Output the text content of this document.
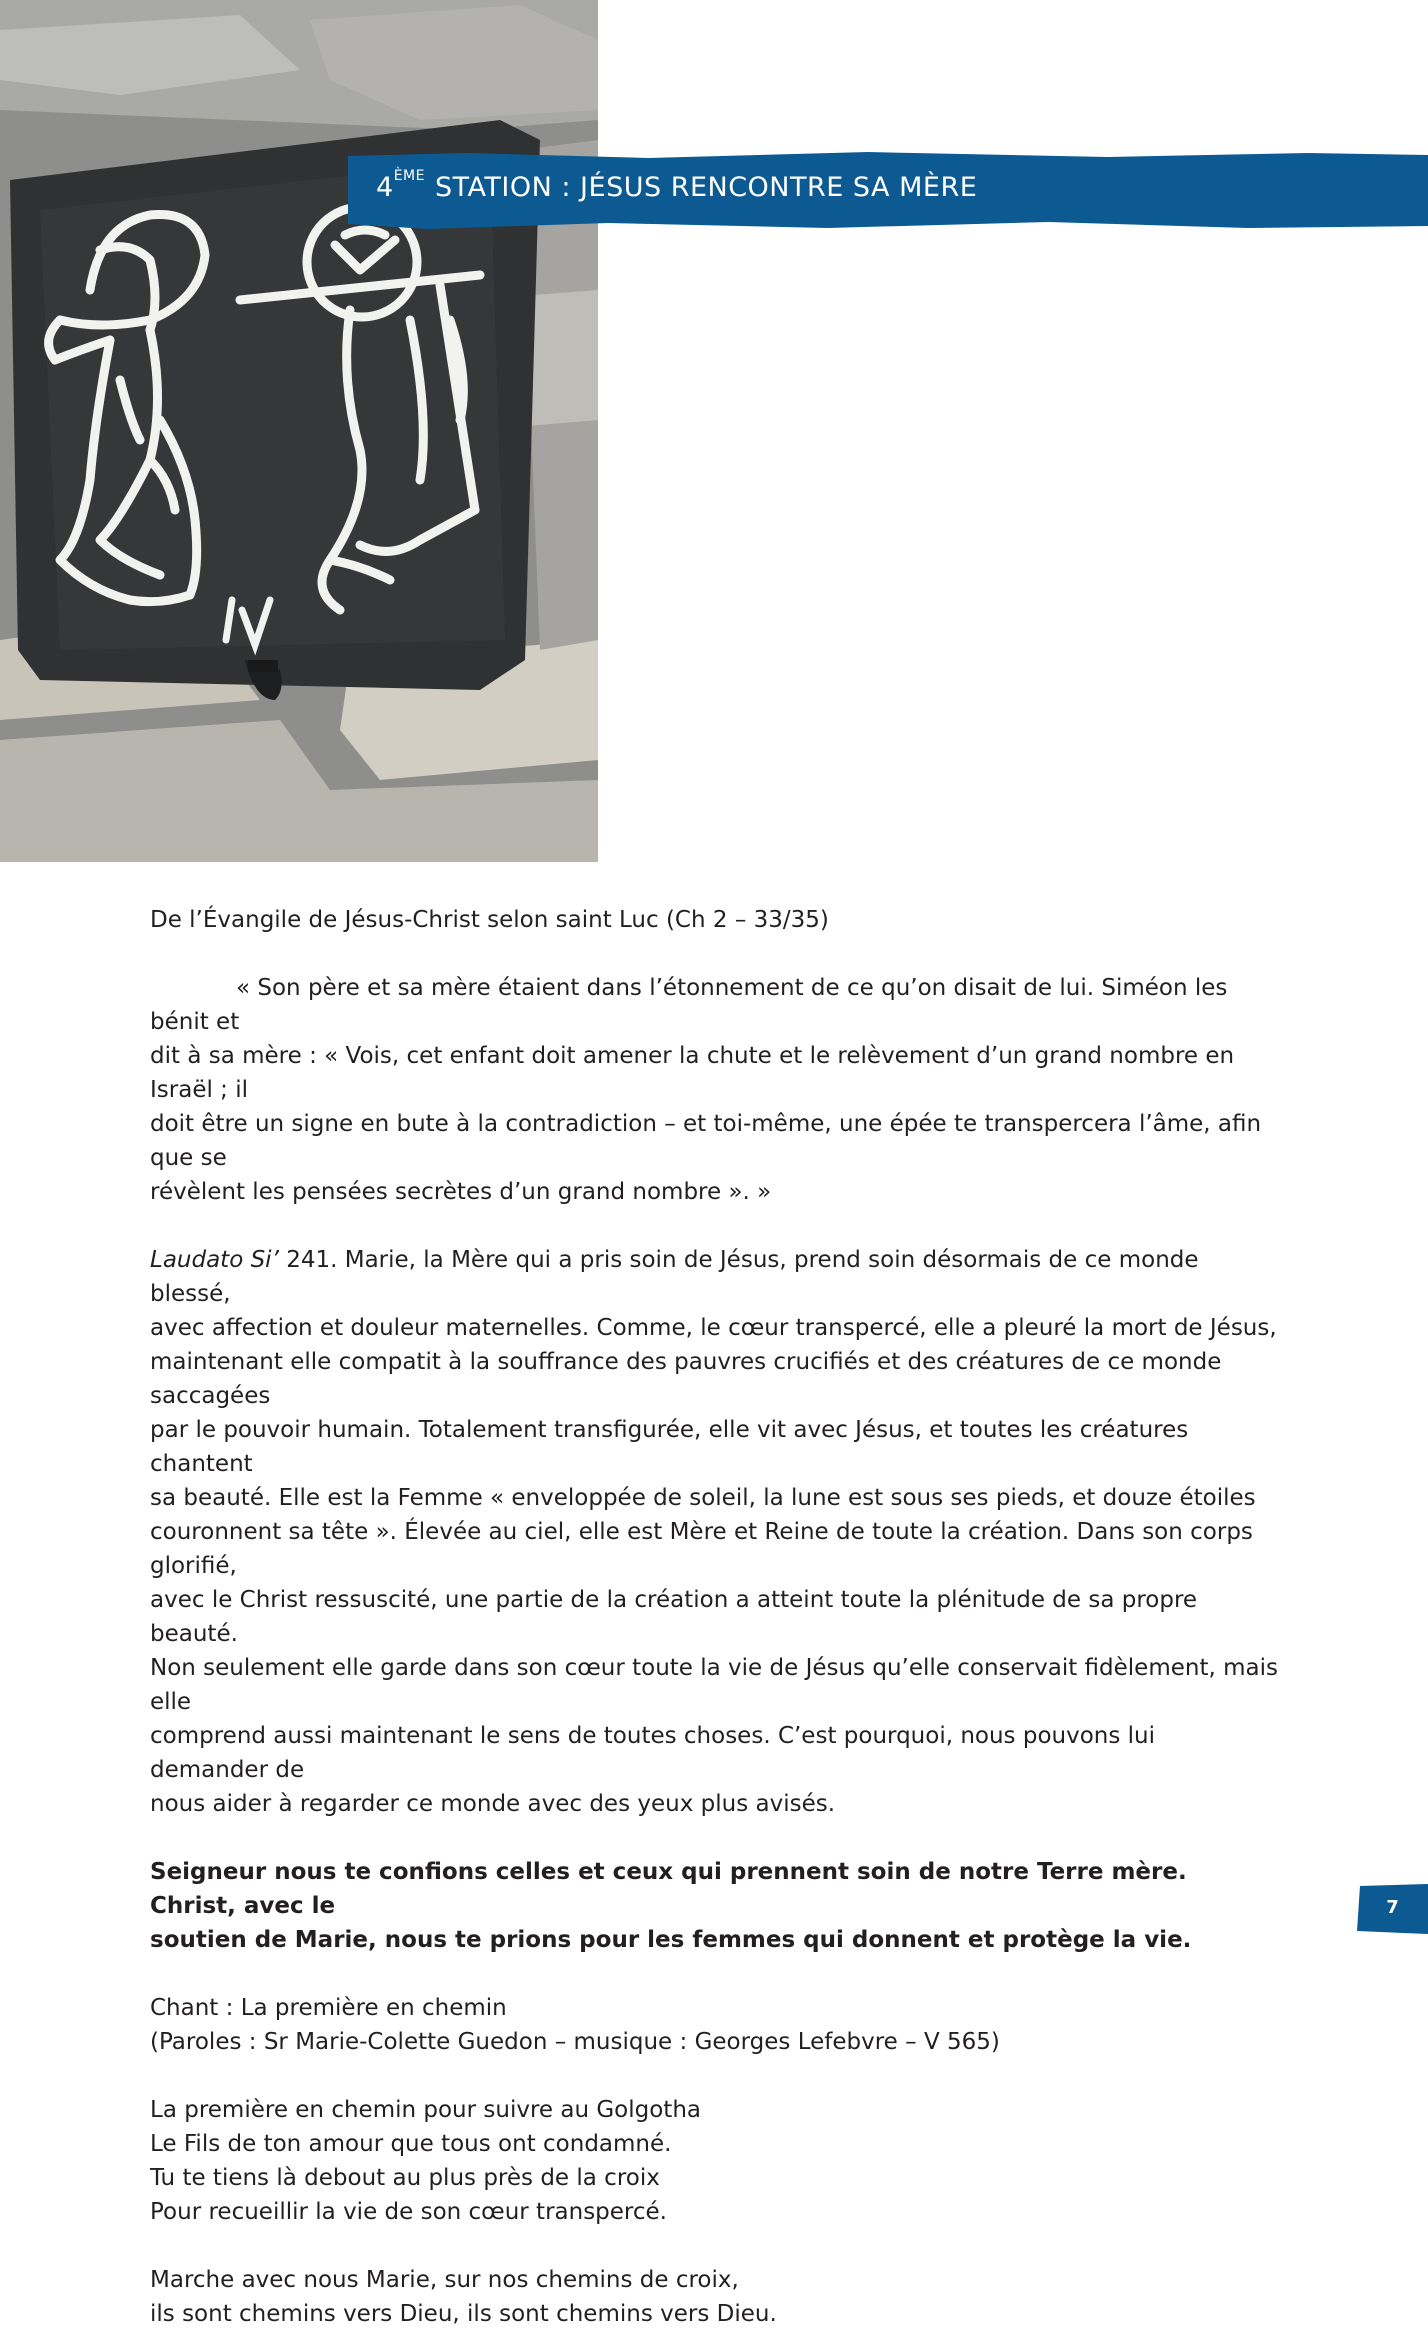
4ÈME STATION : JÉSUS RENCONTRE SA MÈRE

De l’Évangile de Jésus-Christ selon saint Luc (Ch 2 – 33/35)

« Son père et sa mère étaient dans l’étonnement de ce qu’on disait de lui. Siméon les bénit et

dit à sa mère : « Vois, cet enfant doit amener la chute et le relèvement d’un grand nombre en Israël ; il

doit être un signe en bute à la contradiction – et toi-même, une épée te transpercera l’âme, afin que se

révèlent les pensées secrètes d’un grand nombre ». »

Laudato Si’ 241. Marie, la Mère qui a pris soin de Jésus, prend soin désormais de ce monde blessé,

avec affection et douleur maternelles. Comme, le cœur transpercé, elle a pleuré la mort de Jésus,

maintenant elle compatit à la souffrance des pauvres crucifiés et des créatures de ce monde saccagées

par le pouvoir humain. Totalement transfigurée, elle vit avec Jésus, et toutes les créatures chantent

sa beauté. Elle est la Femme « enveloppée de soleil, la lune est sous ses pieds, et douze étoiles

couronnent sa tête ». Élevée au ciel, elle est Mère et Reine de toute la création. Dans son corps glorifié,

avec le Christ ressuscité, une partie de la création a atteint toute la plénitude de sa propre beauté.

Non seulement elle garde dans son cœur toute la vie de Jésus qu’elle conservait fidèlement, mais elle

comprend aussi maintenant le sens de toutes choses. C’est pourquoi, nous pouvons lui demander de

nous aider à regarder ce monde avec des yeux plus avisés.

Seigneur nous te confions celles et ceux qui prennent soin de notre Terre mère. Christ, avec le

soutien de Marie, nous te prions pour les femmes qui donnent et protège la vie.

Chant : La première en chemin

(Paroles : Sr Marie-Colette Guedon – musique : Georges Lefebvre – V 565)

La première en chemin pour suivre au Golgotha

Le Fils de ton amour que tous ont condamné.

Tu te tiens là debout au plus près de la croix

Pour recueillir la vie de son cœur transpercé.

Marche avec nous Marie, sur nos chemins de croix,

ils sont chemins vers Dieu, ils sont chemins vers Dieu.

7
